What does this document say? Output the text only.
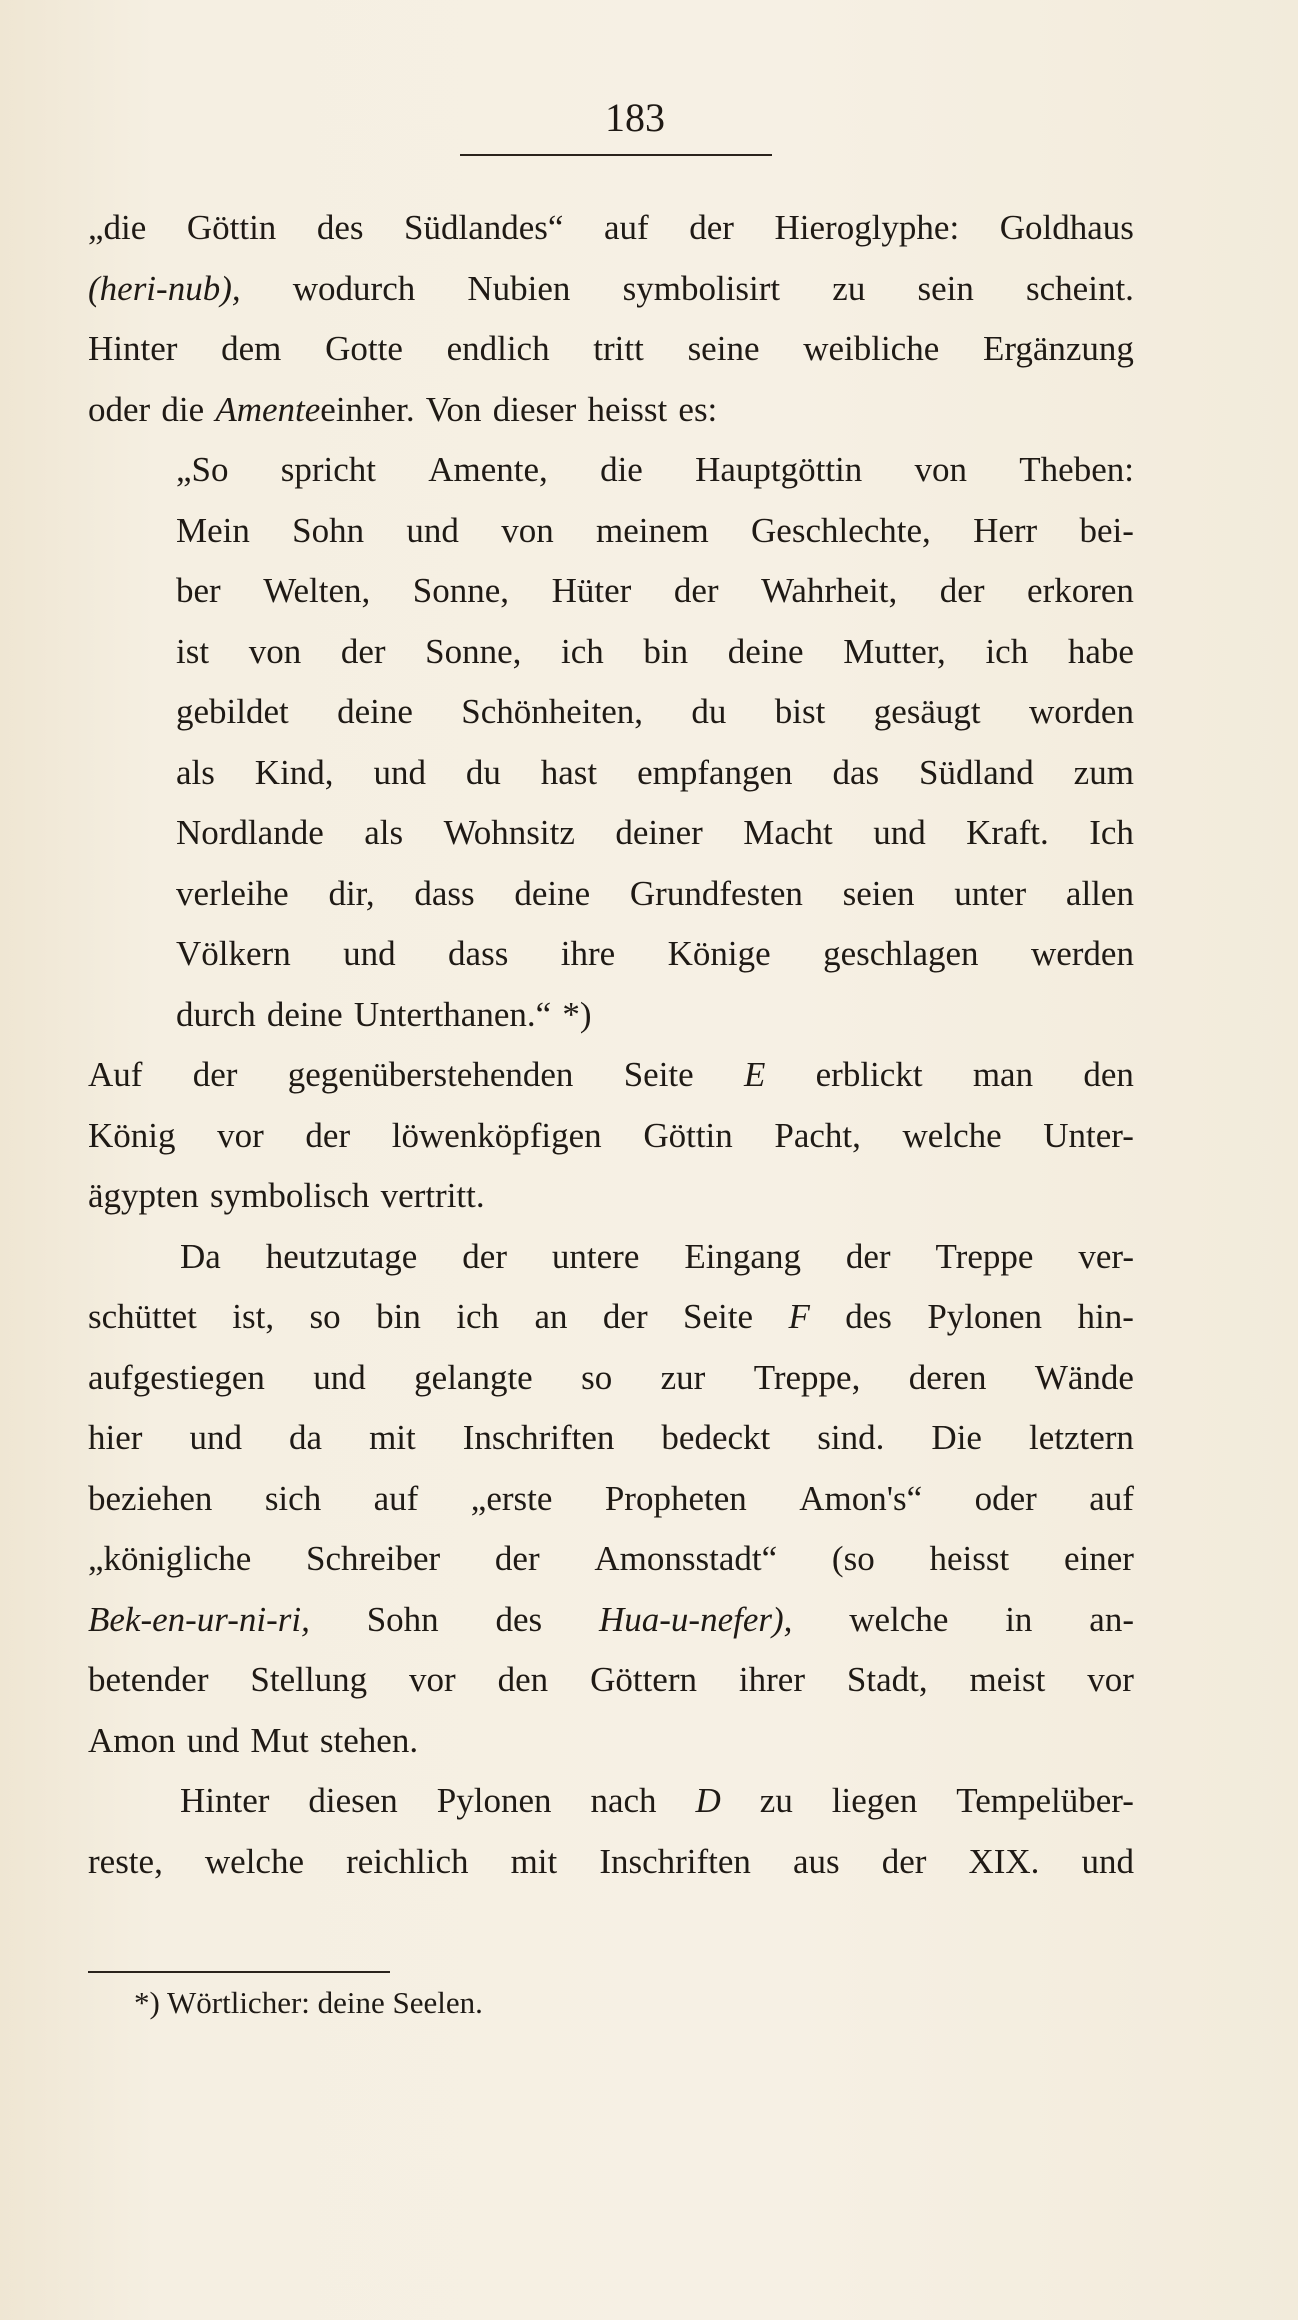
183
„die Göttin des Südlandes“ auf der Hieroglyphe: Goldhaus
(heri-nub), wodurch Nubien symbolisirt zu sein scheint.
Hinter dem Gotte endlich tritt seine weibliche Ergänzung
oder die Amente einher. Von dieser heisst es:
„So spricht Amente, die Hauptgöttin von Theben:
Mein Sohn und von meinem Geschlechte, Herr bei-
ber Welten, Sonne, Hüter der Wahrheit, der erkoren
ist von der Sonne, ich bin deine Mutter, ich habe
gebildet deine Schönheiten, du bist gesäugt worden
als Kind, und du hast empfangen das Südland zum
Nordlande als Wohnsitz deiner Macht und Kraft. Ich
verleihe dir, dass deine Grundfesten seien unter allen
Völkern und dass ihre Könige geschlagen werden
durch deine Unterthanen.“ *)
Auf der gegenüberstehenden Seite E erblickt man den
König vor der löwenköpfigen Göttin Pacht, welche Unter-
ägypten symbolisch vertritt.
Da heutzutage der untere Eingang der Treppe ver-
schüttet ist, so bin ich an der Seite F des Pylonen hin-
aufgestiegen und gelangte so zur Treppe, deren Wände
hier und da mit Inschriften bedeckt sind. Die letztern
beziehen sich auf „erste Propheten Amon's“ oder auf
„königliche Schreiber der Amonsstadt“ (so heisst einer
Bek-en-ur-ni-ri, Sohn des Hua-u-nefer), welche in an-
betender Stellung vor den Göttern ihrer Stadt, meist vor
Amon und Mut stehen.
Hinter diesen Pylonen nach D zu liegen Tempelüber-
reste, welche reichlich mit Inschriften aus der XIX. und
*) Wörtlicher: deine Seelen.
